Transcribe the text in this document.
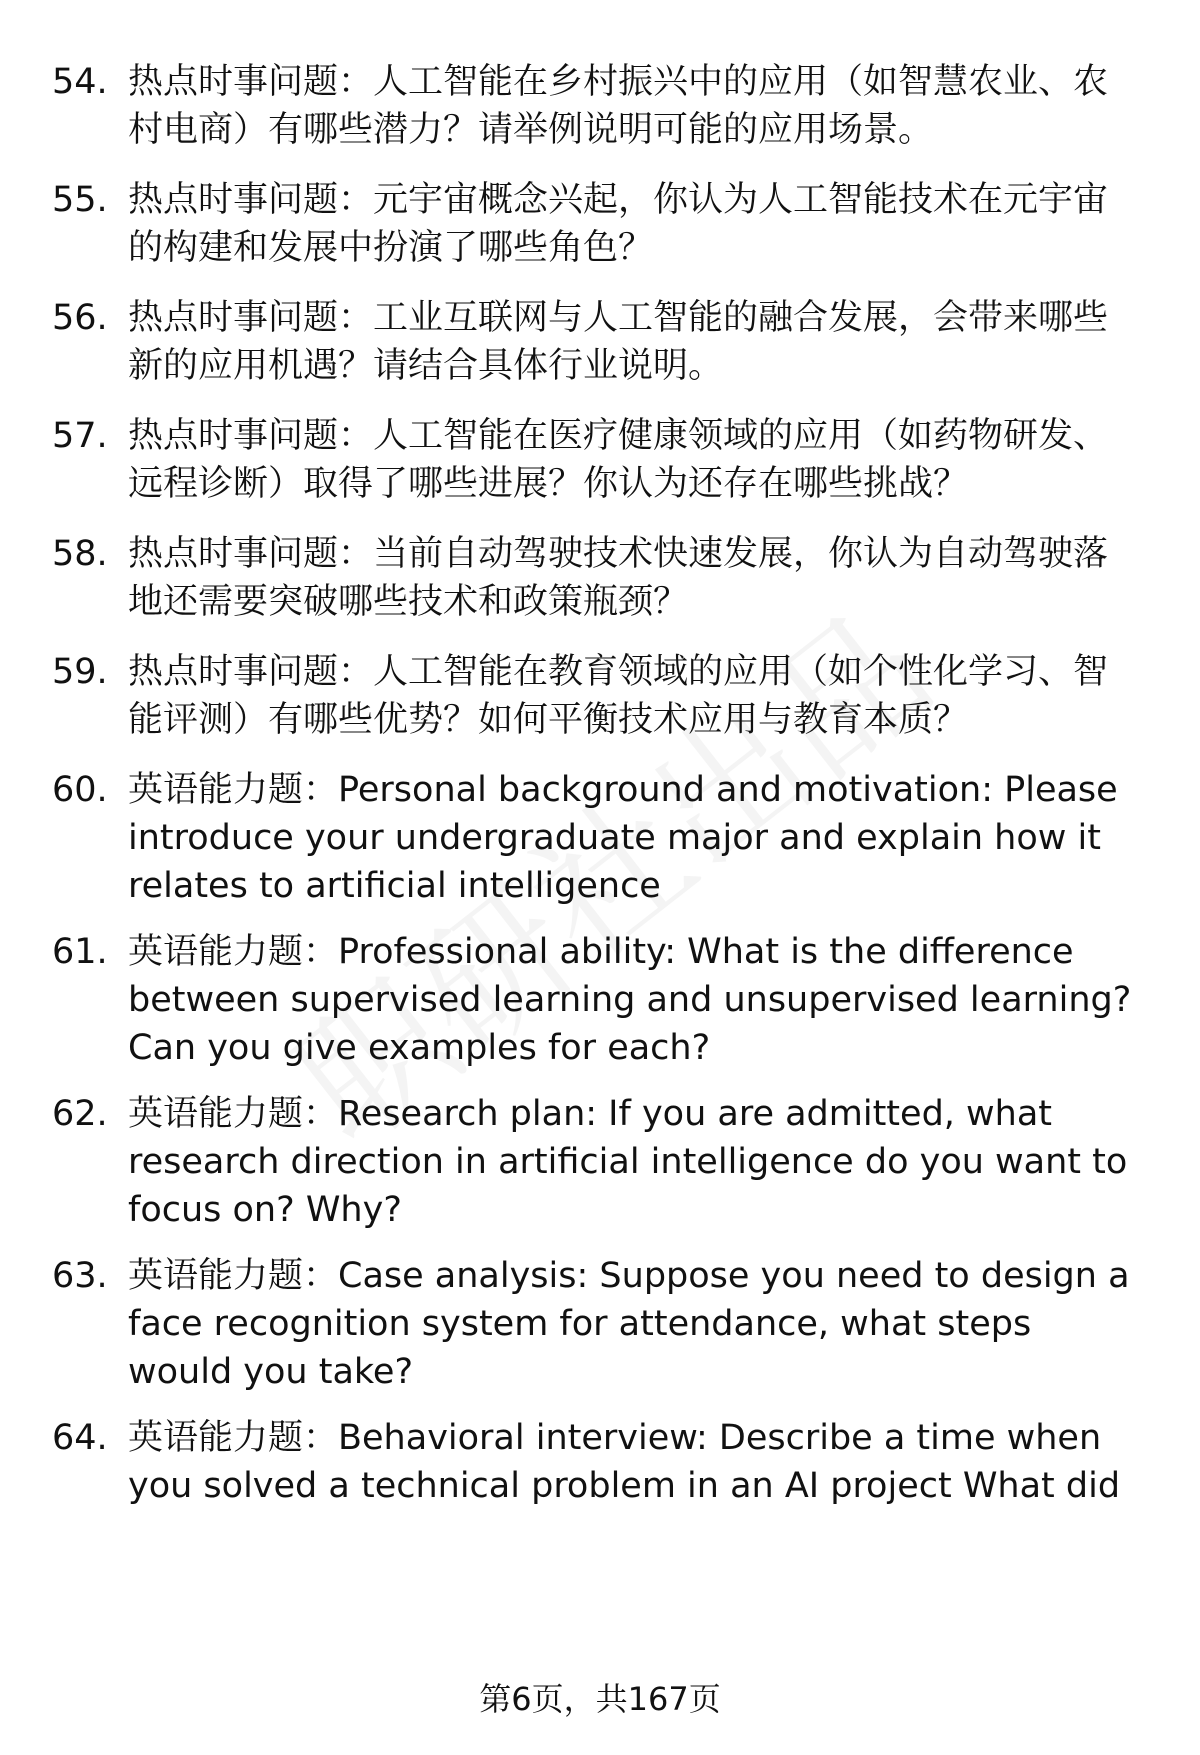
54. 热点时事问题：人工智能在乡村振兴中的应用（如智慧农业、农村电商）有哪些潜力？请举例说明可能的应用场景。
55. 热点时事问题：元宇宙概念兴起，你认为人工智能技术在元宇宙的构建和发展中扮演了哪些角色？
56. 热点时事问题：工业互联网与人工智能的融合发展，会带来哪些新的应用机遇？请结合具体行业说明。
57. 热点时事问题：人工智能在医疗健康领域的应用（如药物研发、远程诊断）取得了哪些进展？你认为还存在哪些挑战？
58. 热点时事问题：当前自动驾驶技术快速发展，你认为自动驾驶落地还需要突破哪些技术和政策瓶颈？
59. 热点时事问题：人工智能在教育领域的应用（如个性化学习、智能评测）有哪些优势？如何平衡技术应用与教育本质？
60. 英语能力题：Personal background and motivation: Please introduce your undergraduate major and explain how it relates to artificial intelligence
61. 英语能力题：Professional ability: What is the difference between supervised learning and unsupervised learning? Can you give examples for each?
62. 英语能力题：Research plan: If you are admitted, what research direction in artificial intelligence do you want to focus on? Why?
63. 英语能力题：Case analysis: Suppose you need to design a face recognition system for attendance, what steps would you take?
64. 英语能力题：Behavioral interview: Describe a time when you solved a technical problem in an AI project What did
第6页，共167页
